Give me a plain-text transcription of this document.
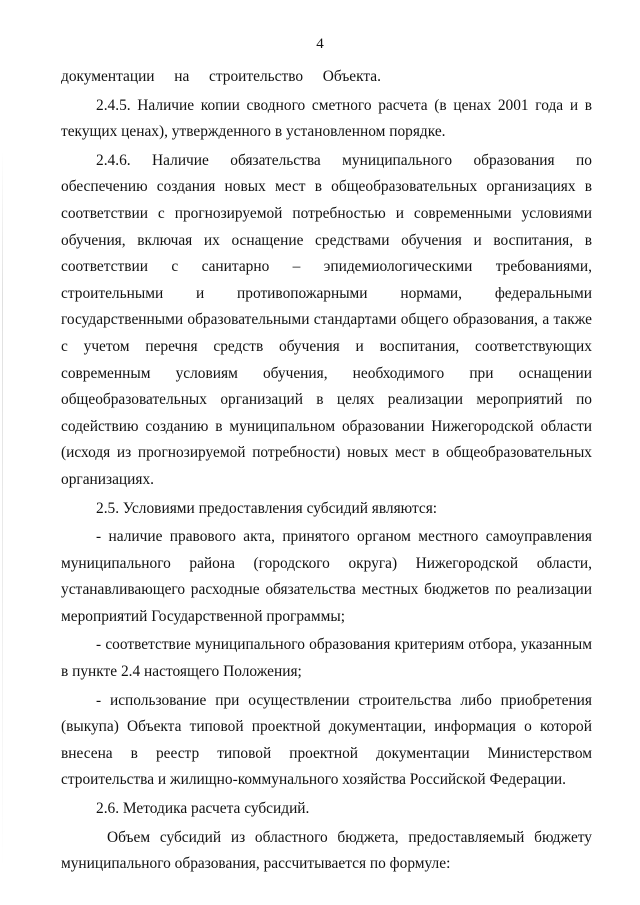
4

документации на строительство Объекта.

2.4.5. Наличие копии сводного сметного расчета (в ценах 2001 года и в текущих ценах), утвержденного в установленном порядке.

2.4.6. Наличие обязательства муниципального образования по обеспечению создания новых мест в общеобразовательных организациях в соответствии с прогнозируемой потребностью и современными условиями обучения, включая их оснащение средствами обучения и воспитания, в соответствии с санитарно – эпидемиологическими требованиями, строительными и противопожарными нормами, федеральными государственными образовательными стандартами общего образования, а также с учетом перечня средств обучения и воспитания, соответствующих современным условиям обучения, необходимого при оснащении общеобразовательных организаций в целях реализации мероприятий по содействию созданию в муниципальном образовании Нижегородской области (исходя из прогнозируемой потребности) новых мест в общеобразовательных организациях.

2.5. Условиями предоставления субсидий являются:

- наличие правового акта, принятого органом местного самоуправления муниципального района (городского округа) Нижегородской области, устанавливающего расходные обязательства местных бюджетов по реализации мероприятий Государственной программы;

- соответствие муниципального образования критериям отбора, указанным в пункте 2.4 настоящего Положения;

- использование при осуществлении строительства либо приобретения (выкупа) Объекта типовой проектной документации, информация о которой внесена в реестр типовой проектной документации Министерством строительства и жилищно-коммунального хозяйства Российской Федерации.

2.6. Методика расчета субсидий.

Объем субсидий из областного бюджета, предоставляемый бюджету муниципального образования, рассчитывается по формуле:
